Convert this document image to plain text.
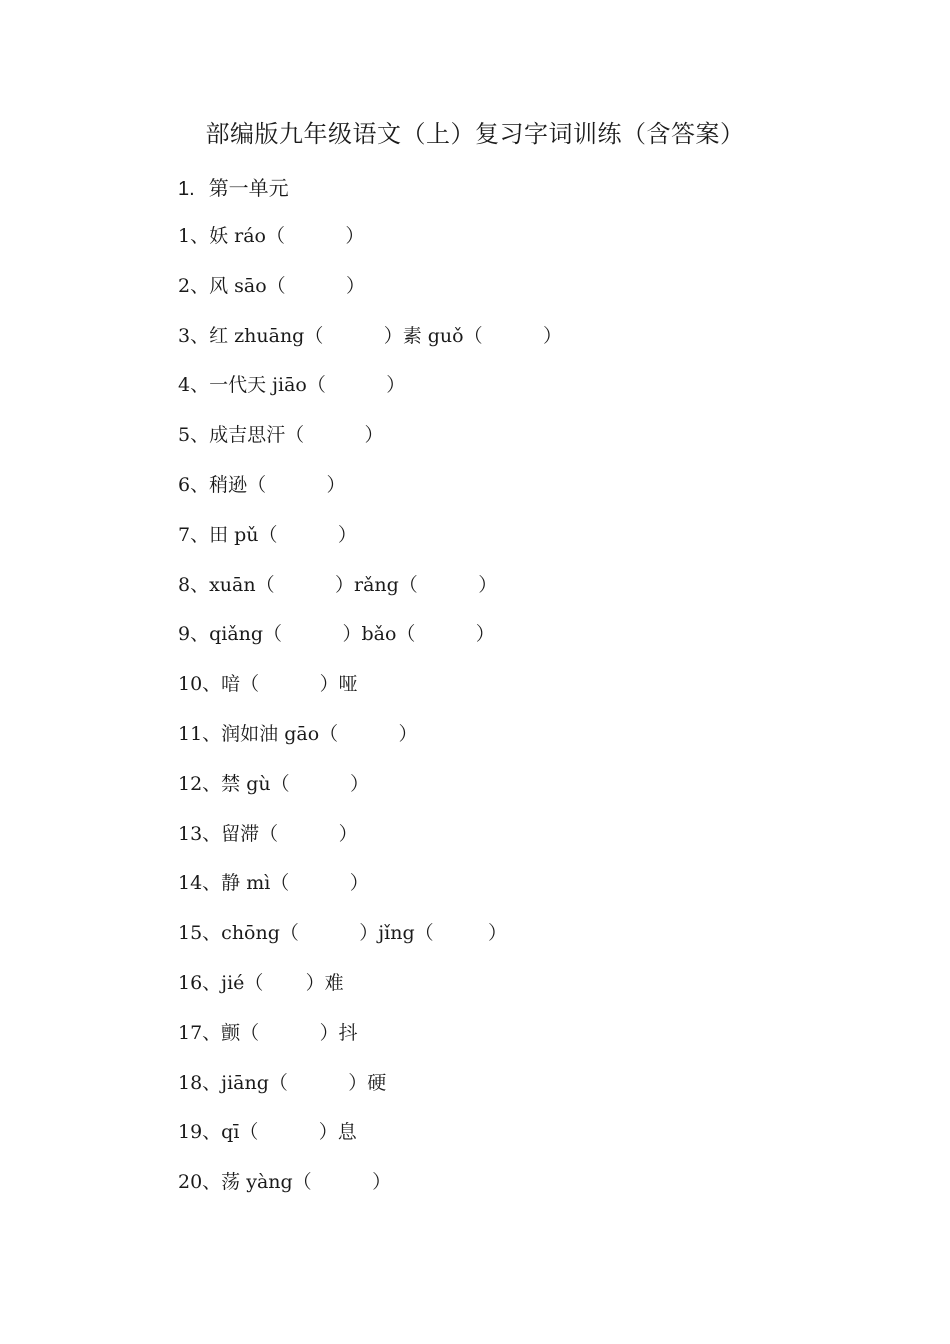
部编版九年级语文（上）复习字词训练（含答案）
1. 第一单元
1、妖 ráo（          ）
2、风 sāo（          ）
3、红 zhuāng（          ）素 guǒ（          ）
4、一代天 jiāo（          ）
5、成吉思汗（          ）
6、稍逊（          ）
7、田 pǔ（          ）
8、xuān（          ）rǎng（          ）
9、qiǎng（          ）bǎo（          ）
10、喑（          ）哑
11、润如油 gāo（          ）
12、禁 gù（          ）
13、留滞（          ）
14、静 mì（          ）
15、chōng（          ）jǐng（         ）
16、jié（       ）难
17、颤（          ）抖
18、jiāng（          ）硬
19、qī（          ）息
20、荡 yàng（          ）
